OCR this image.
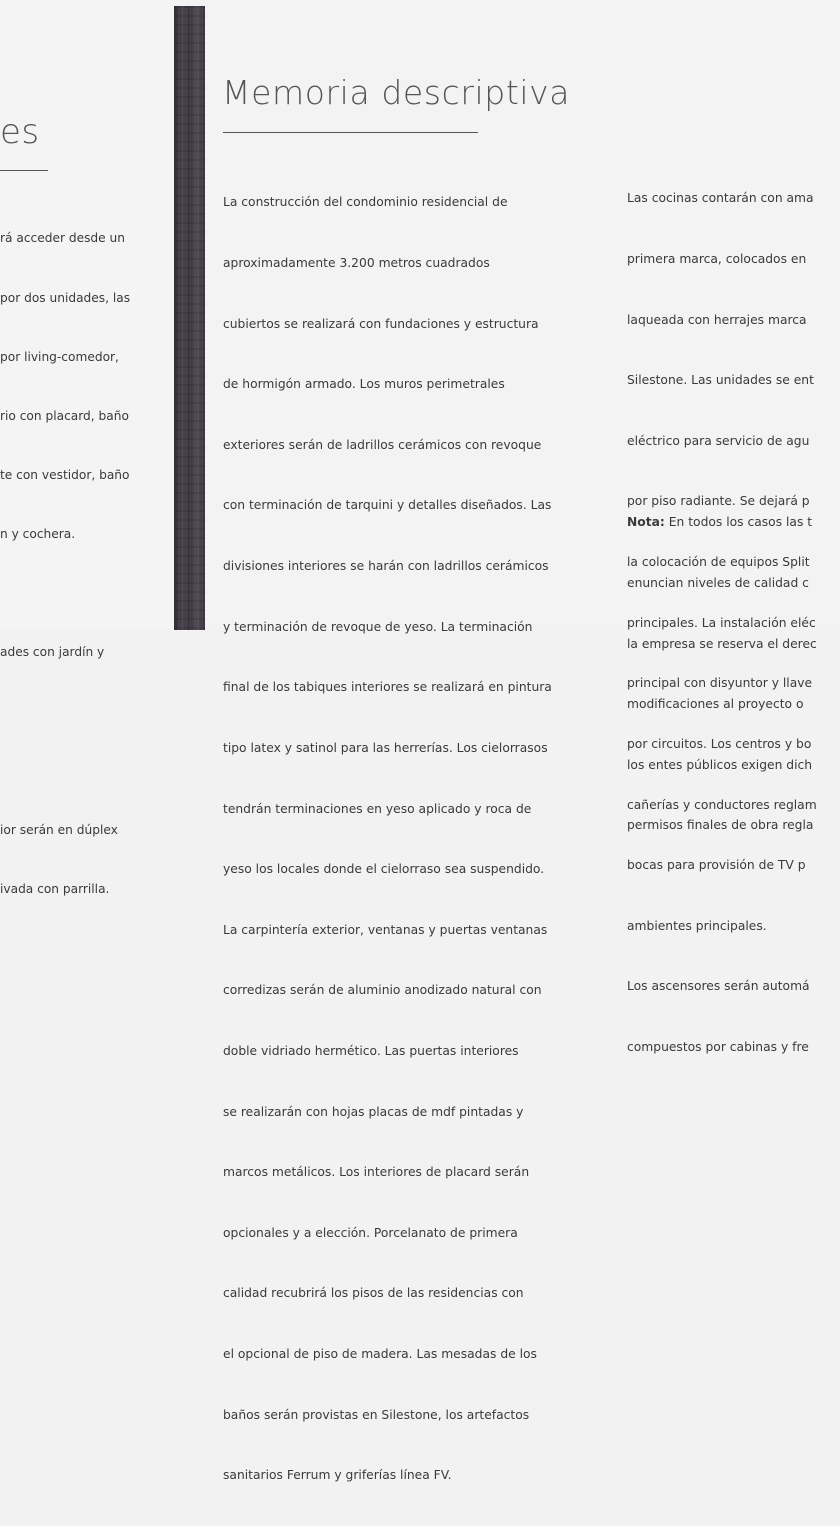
es

rá acceder desde un

por dos unidades, las

por living-comedor,

rio con placard, baño

te con vestidor, baño

n y cochera.

ades con jardín y

ior serán en dúplex

ivada con parrilla.

Memoria descriptiva

La construcción del condominio residencial de

aproximadamente 3.200 metros cuadrados

cubiertos se realizará con fundaciones y estructura

de hormigón armado. Los muros perimetrales

exteriores serán de ladrillos cerámicos con revoque

con terminación de tarquini y detalles diseñados. Las

divisiones interiores se harán con ladrillos cerámicos

y terminación de revoque de yeso. La terminación

final de los tabiques interiores se realizará en pintura

tipo latex y satinol para las herrerías. Los cielorrasos

tendrán terminaciones en yeso aplicado y roca de

yeso los locales donde el cielorraso sea suspendido.

La carpintería exterior, ventanas y puertas ventanas

corredizas serán de aluminio anodizado natural con

doble vidriado hermético. Las puertas interiores

se realizarán con hojas placas de mdf pintadas y

marcos metálicos. Los interiores de placard serán

opcionales y a elección. Porcelanato de primera

calidad recubrirá los pisos de las residencias con

el opcional de piso de madera. Las mesadas de los

baños serán provistas en Silestone, los artefactos

sanitarios Ferrum y griferías línea FV.

Las cocinas contarán con ama

primera marca, colocados en

laqueada con herrajes marca

Silestone. Las unidades se ent

eléctrico para servicio de agu

por piso radiante. Se dejará p

la colocación de equipos Split

principales. La instalación eléc

principal con disyuntor y llave

por circuitos. Los centros y bo

cañerías y conductores reglam

bocas para provisión de TV p

ambientes principales.

Los ascensores serán automá

compuestos por cabinas y fre

Nota: En todos los casos las t

enuncian niveles de calidad c

la empresa se reserva el derec

modificaciones al proyecto o

los entes públicos exigen dich

permisos finales de obra regla
